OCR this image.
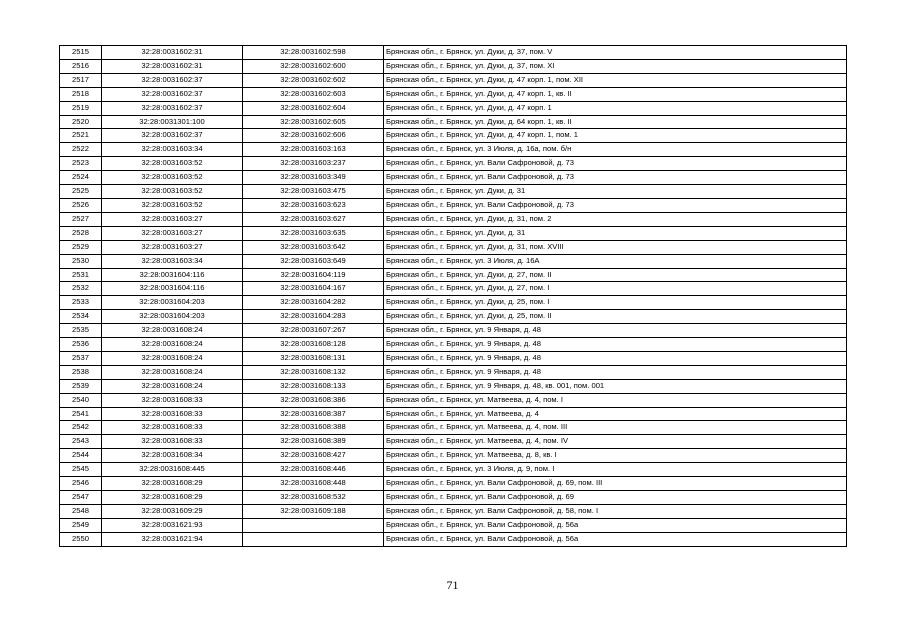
2515	32:28:0031602:31	32:28:0031602:598	Брянская обл., г. Брянск, ул. Дуки, д. 37, пом. V
2516	32:28:0031602:31	32:28:0031602:600	Брянская обл., г. Брянск, ул. Дуки, д. 37, пом. XI
2517	32:28:0031602:37	32:28:0031602:602	Брянская обл., г. Брянск, ул. Дуки, д. 47 корп. 1, пом. XII
2518	32:28:0031602:37	32:28:0031602:603	Брянская обл., г. Брянск, ул. Дуки, д. 47 корп. 1, кв. II
2519	32:28:0031602:37	32:28:0031602:604	Брянская обл., г. Брянск, ул. Дуки, д. 47 корп. 1
2520	32:28:0031301:100	32:28:0031602:605	Брянская обл., г. Брянск, ул. Дуки, д. 64 корп. 1, кв. II
2521	32:28:0031602:37	32:28:0031602:606	Брянская обл., г. Брянск, ул. Дуки, д. 47 корп. 1, пом. 1
2522	32:28:0031603:34	32:28:0031603:163	Брянская обл., г. Брянск, ул. 3 Июля, д. 16а, пом. б/н
2523	32:28:0031603:52	32:28:0031603:237	Брянская обл., г. Брянск, ул. Вали Сафроновой, д. 73
2524	32:28:0031603:52	32:28:0031603:349	Брянская обл., г. Брянск, ул. Вали Сафроновой, д. 73
2525	32:28:0031603:52	32:28:0031603:475	Брянская обл., г. Брянск, ул. Дуки, д. 31
2526	32:28:0031603:52	32:28:0031603:623	Брянская обл., г. Брянск, ул. Вали Сафроновой, д. 73
2527	32:28:0031603:27	32:28:0031603:627	Брянская обл., г. Брянск, ул. Дуки, д. 31, пом. 2
2528	32:28:0031603:27	32:28:0031603:635	Брянская обл., г. Брянск, ул. Дуки, д. 31
2529	32:28:0031603:27	32:28:0031603:642	Брянская обл., г. Брянск, ул. Дуки, д. 31, пом. XVIII
2530	32:28:0031603:34	32:28:0031603:649	Брянская обл., г. Брянск, ул. 3 Июля, д. 16А
2531	32:28:0031604:116	32:28:0031604:119	Брянская обл., г. Брянск, ул. Дуки, д. 27, пом. II
2532	32:28:0031604:116	32:28:0031604:167	Брянская обл., г. Брянск, ул. Дуки, д. 27, пом. I
2533	32:28:0031604:203	32:28:0031604:282	Брянская обл., г. Брянск, ул. Дуки, д. 25, пом. I
2534	32:28:0031604:203	32:28:0031604:283	Брянская обл., г. Брянск, ул. Дуки, д. 25, пом. II
2535	32:28:0031608:24	32:28:0031607:267	Брянская обл., г. Брянск, ул. 9 Января, д. 48
2536	32:28:0031608:24	32:28:0031608:128	Брянская обл., г. Брянск, ул. 9 Января, д. 48
2537	32:28:0031608:24	32:28:0031608:131	Брянская обл., г. Брянск, ул. 9 Января, д. 48
2538	32:28:0031608:24	32:28:0031608:132	Брянская обл., г. Брянск, ул. 9 Января, д. 48
2539	32:28:0031608:24	32:28:0031608:133	Брянская обл., г. Брянск, ул. 9 Января, д. 48, кв. 001, пом. 001
2540	32:28:0031608:33	32:28:0031608:386	Брянская обл., г. Брянск, ул. Матвеева, д. 4, пом. I
2541	32:28:0031608:33	32:28:0031608:387	Брянская обл., г. Брянск, ул. Матвеева, д. 4
2542	32:28:0031608:33	32:28:0031608:388	Брянская обл., г. Брянск, ул. Матвеева, д. 4, пом. III
2543	32:28:0031608:33	32:28:0031608:389	Брянская обл., г. Брянск, ул. Матвеева, д. 4, пом. IV
2544	32:28:0031608:34	32:28:0031608:427	Брянская обл., г. Брянск, ул. Матвеева, д. 8, кв. I
2545	32:28:0031608:445	32:28:0031608:446	Брянская обл., г. Брянск, ул. 3 Июля, д. 9, пом. I
2546	32:28:0031608:29	32:28:0031608:448	Брянская обл., г. Брянск, ул. Вали Сафроновой, д. 69, пом. III
2547	32:28:0031608:29	32:28:0031608:532	Брянская обл., г. Брянск, ул. Вали Сафроновой, д. 69
2548	32:28:0031609:29	32:28:0031609:188	Брянская обл., г. Брянск, ул. Вали Сафроновой, д. 58, пом. I
2549	32:28:0031621:93		Брянская обл., г. Брянск, ул. Вали Сафроновой, д. 56а
2550	32:28:0031621:94		Брянская обл., г. Брянск, ул. Вали Сафроновой, д. 56а
71
